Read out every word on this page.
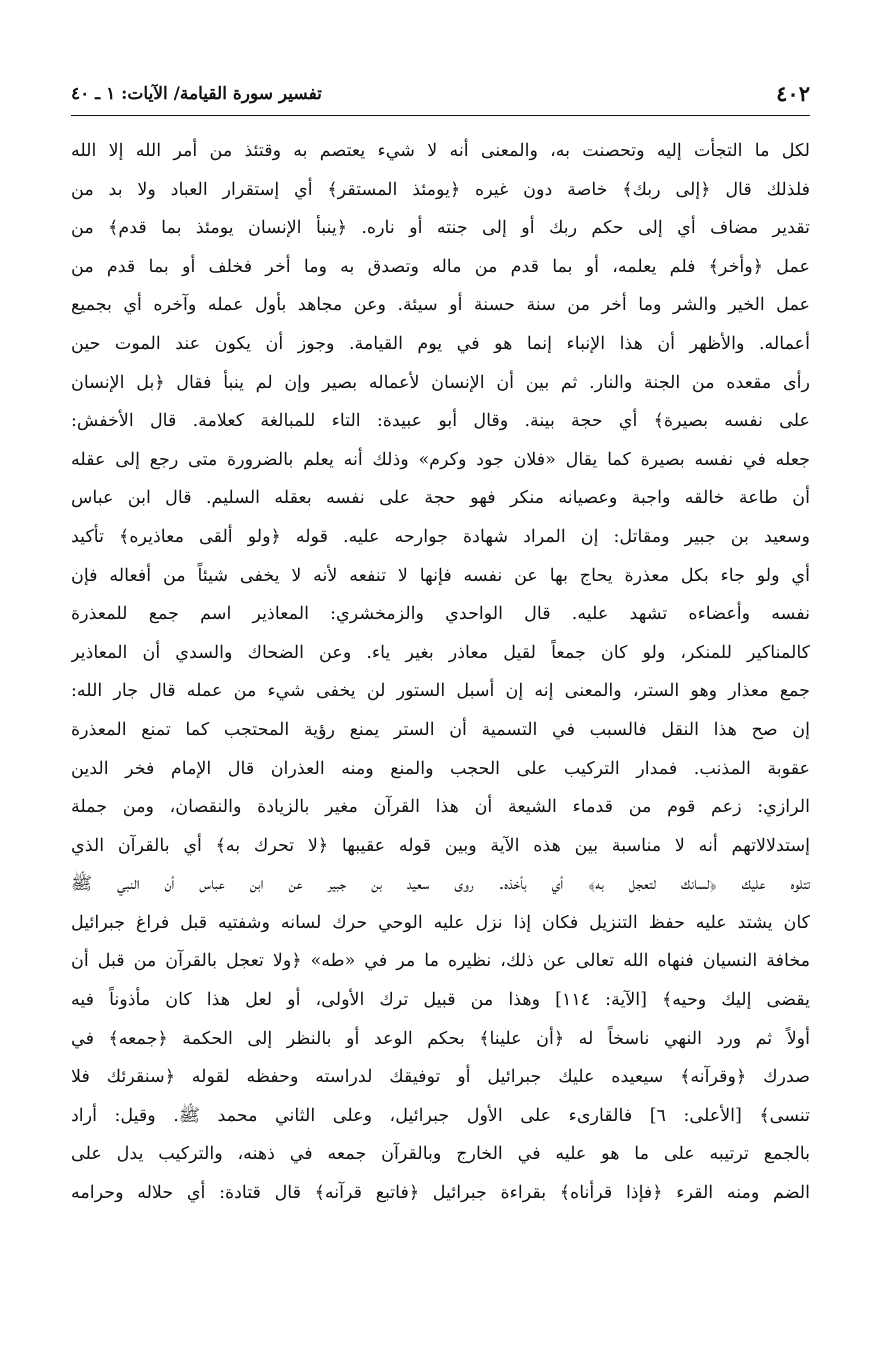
٤٠٢
تفسير سورة القيامة/ الآيات: ١ ـ ٤٠
لكل ما التجأت إليه وتحصنت به، والمعنى أنه لا شيء يعتصم به وقتئذ من أمر الله إلا الله
فلذلك قال ﴿إلى ربك﴾ خاصة دون غيره ﴿يومئذ المستقر﴾ أي إستقرار العباد ولا بد من
تقدير مضاف أي إلى حكم ربك أو إلى جنته أو ناره. ﴿ينبأ الإنسان يومئذ بما قدم﴾ من
عمل ﴿وأخر﴾ فلم يعلمه، أو بما قدم من ماله وتصدق به وما أخر فخلف أو بما قدم من
عمل الخير والشر وما أخر من سنة حسنة أو سيئة. وعن مجاهد بأول عمله وآخره أي بجميع
أعماله. والأظهر أن هذا الإنباء إنما هو في يوم القيامة. وجوز أن يكون عند الموت حين
رأى مقعده من الجنة والنار. ثم بين أن الإنسان لأعماله بصير وإن لم ينبأ فقال ﴿بل الإنسان
على نفسه بصيرة﴾ أي حجة بينة. وقال أبو عبيدة: التاء للمبالغة كعلامة. قال الأخفش:
جعله في نفسه بصيرة كما يقال «فلان جود وكرم» وذلك أنه يعلم بالضرورة متى رجع إلى عقله
أن طاعة خالقه واجبة وعصيانه منكر فهو حجة على نفسه بعقله السليم. قال ابن عباس
وسعيد بن جبير ومقاتل: إن المراد شهادة جوارحه عليه. قوله ﴿ولو ألقى معاذيره﴾ تأكيد
أي ولو جاء بكل معذرة يحاج بها عن نفسه فإنها لا تنفعه لأنه لا يخفى شيئاً من أفعاله فإن
نفسه وأعضاءه تشهد عليه. قال الواحدي والزمخشري: المعاذير اسم جمع للمعذرة
كالمناكير للمنكر، ولو كان جمعاً لقيل معاذر بغير ياء. وعن الضحاك والسدي أن المعاذير
جمع معذار وهو الستر، والمعنى إنه إن أسبل الستور لن يخفى شيء من عمله قال جار الله:
إن صح هذا النقل فالسبب في التسمية أن الستر يمنع رؤية المحتجب كما تمنع المعذرة
عقوبة المذنب. فمدار التركيب على الحجب والمنع ومنه العذران قال الإمام فخر الدين
الرازي: زعم قوم من قدماء الشيعة أن هذا القرآن مغير بالزيادة والنقصان، ومن جملة
إستدلالاتهم أنه لا مناسبة بين هذه الآية وبين قوله عقيبها ﴿لا تحرك به﴾ أي بالقرآن الذي
تتلوه عليك ﴿لسانك لتعجل به﴾ أي بأخذه. روى سعيد بن جبير عن ابن عباس أن النبي ﷺ
كان يشتد عليه حفظ التنزيل فكان إذا نزل عليه الوحي حرك لسانه وشفتيه قبل فراغ جبرائيل
مخافة النسيان فنهاه الله تعالى عن ذلك، نظيره ما مر في «طه» ﴿ولا تعجل بالقرآن من قبل أن
يقضى إليك وحيه﴾ [الآية: ١١٤] وهذا من قبيل ترك الأولى، أو لعل هذا كان مأذوناً فيه
أولاً ثم ورد النهي ناسخاً له ﴿أن علينا﴾ بحكم الوعد أو بالنظر إلى الحكمة ﴿جمعه﴾ في
صدرك ﴿وقرآنه﴾ سيعيده عليك جبرائيل أو توفيقك لدراسته وحفظه لقوله ﴿سنقرئك فلا
تنسى﴾ [الأعلى: ٦] فالقارىء على الأول جبرائيل، وعلى الثاني محمد ﷺ. وقيل: أراد
بالجمع ترتيبه على ما هو عليه في الخارج وبالقرآن جمعه في ذهنه، والتركيب يدل على
الضم ومنه القرء ﴿فإذا قرأناه﴾ بقراءة جبرائيل ﴿فاتبع قرآنه﴾ قال قتادة: أي حلاله وحرامه
